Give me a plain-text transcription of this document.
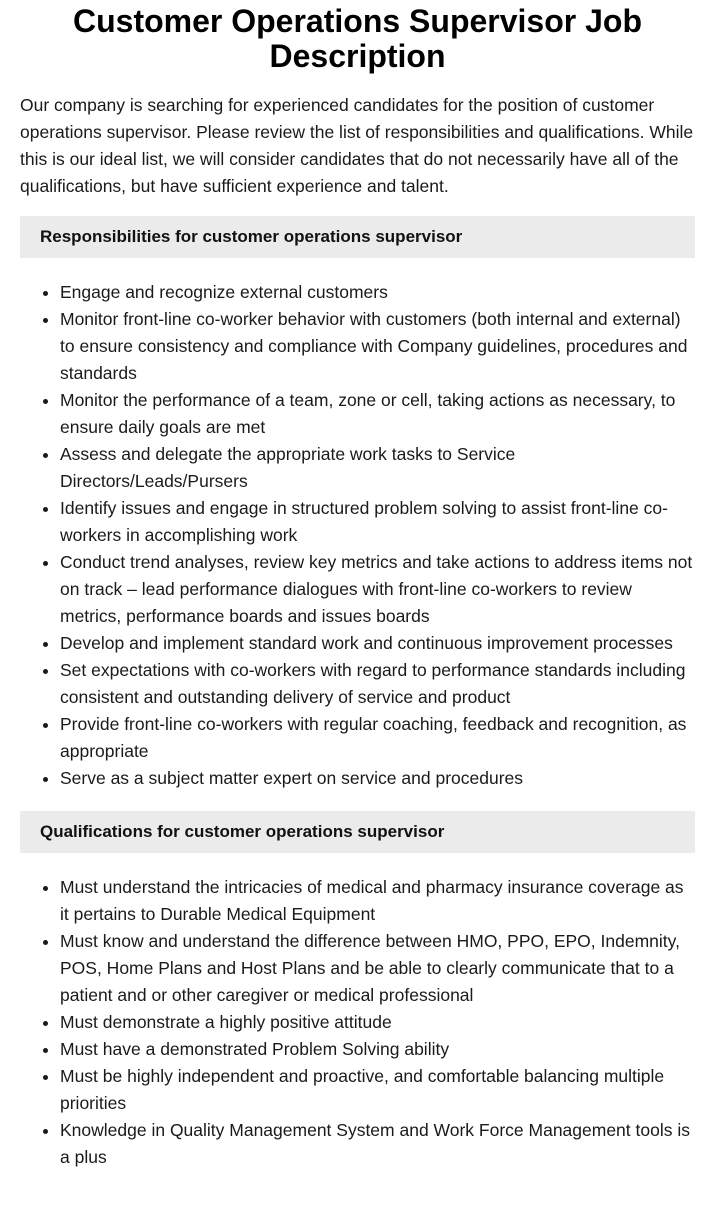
Customer Operations Supervisor Job Description

Our company is searching for experienced candidates for the position of customer operations supervisor. Please review the list of responsibilities and qualifications. While this is our ideal list, we will consider candidates that do not necessarily have all of the qualifications, but have sufficient experience and talent.

Responsibilities for customer operations supervisor
• Engage and recognize external customers
• Monitor front-line co-worker behavior with customers (both internal and external) to ensure consistency and compliance with Company guidelines, procedures and standards
• Monitor the performance of a team, zone or cell, taking actions as necessary, to ensure daily goals are met
• Assess and delegate the appropriate work tasks to Service Directors/Leads/Pursers
• Identify issues and engage in structured problem solving to assist front-line co-workers in accomplishing work
• Conduct trend analyses, review key metrics and take actions to address items not on track – lead performance dialogues with front-line co-workers to review metrics, performance boards and issues boards
• Develop and implement standard work and continuous improvement processes
• Set expectations with co-workers with regard to performance standards including consistent and outstanding delivery of service and product
• Provide front-line co-workers with regular coaching, feedback and recognition, as appropriate
• Serve as a subject matter expert on service and procedures
Qualifications for customer operations supervisor
• Must understand the intricacies of medical and pharmacy insurance coverage as it pertains to Durable Medical Equipment
• Must know and understand the difference between HMO, PPO, EPO, Indemnity, POS, Home Plans and Host Plans and be able to clearly communicate that to a patient and or other caregiver or medical professional
• Must demonstrate a highly positive attitude
• Must have a demonstrated Problem Solving ability
• Must be highly independent and proactive, and comfortable balancing multiple priorities
• Knowledge in Quality Management System and Work Force Management tools is a plus
